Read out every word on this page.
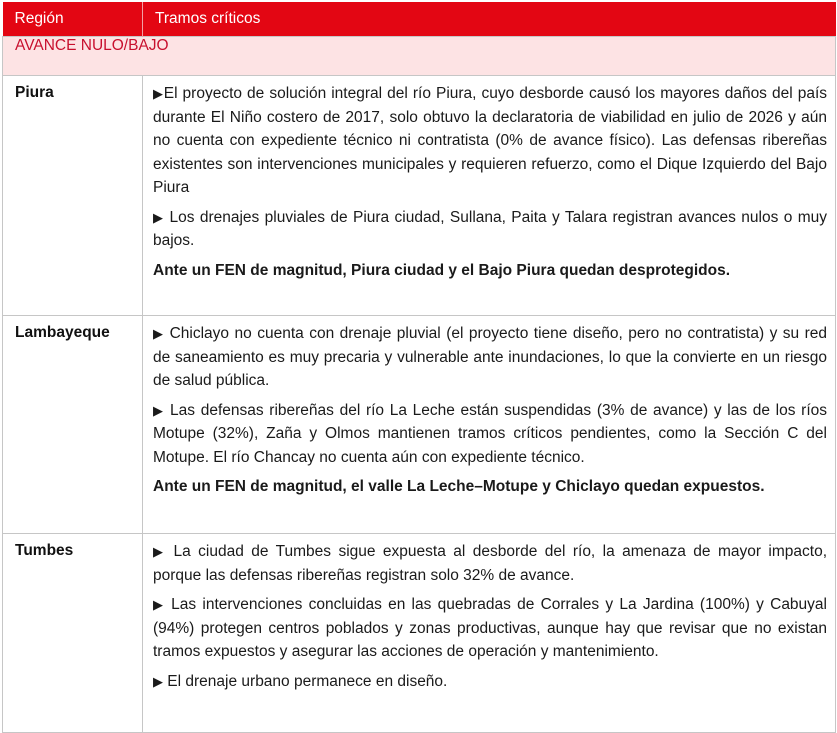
Región	Tramos críticos
AVANCE NULO/BAJO	
Piura	▶El proyecto de solución integral del río Piura, cuyo desborde causó los mayores daños del país durante El Niño costero de 2017, solo obtuvo la declaratoria de viabilidad en julio de 2026 y aún no cuenta con expediente técnico ni contratista (0% de avance físico). Las defensas ribereñas existentes son intervenciones municipales y requieren refuerzo, como el Dique Izquierdo del Bajo Piura

▶ Los drenajes pluviales de Piura ciudad, Sullana, Paita y Talara registran avances nulos o muy bajos.

Ante un FEN de magnitud, Piura ciudad y el Bajo Piura quedan desprotegidos.

Lambayeque	▶ Chiclayo no cuenta con drenaje pluvial (el proyecto tiene diseño, pero no contratista) y su red de saneamiento es muy precaria y vulnerable ante inundaciones, lo que la convierte en un riesgo de salud pública.

▶ Las defensas ribereñas del río La Leche están suspendidas (3% de avance) y las de los ríos Motupe (32%), Zaña y Olmos mantienen tramos críticos pendientes, como la Sección C del Motupe. El río Chancay no cuenta aún con expediente técnico.

Ante un FEN de magnitud, el valle La Leche–Motupe y Chiclayo quedan expuestos.

Tumbes	▶ La ciudad de Tumbes sigue expuesta al desborde del río, la amenaza de mayor impacto, porque las defensas ribereñas registran solo 32% de avance.

▶ Las intervenciones concluidas en las quebradas de Corrales y La Jardina (100%) y Cabuyal (94%) protegen centros poblados y zonas productivas, aunque hay que revisar que no existan tramos expuestos y asegurar las acciones de operación y mantenimiento.

▶ El drenaje urbano permanece en diseño.
